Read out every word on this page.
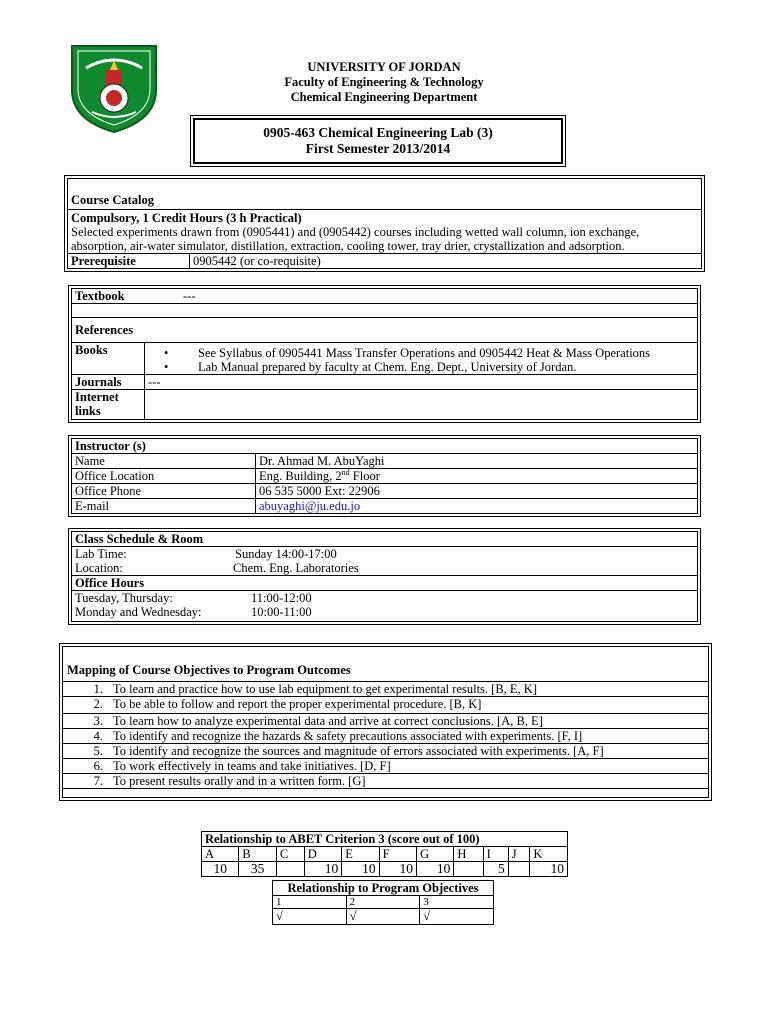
UNIVERSITY OF JORDAN
Faculty of Engineering & Technology
Chemical Engineering Department
0905-463 Chemical Engineering Lab (3)
First Semester 2013/2014
Course Catalog

Compulsory, 1 Credit Hours (3 h Practical)
Selected experiments drawn from (0905441) and (0905442) courses including wetted wall column, ion exchange, absorption, air-water simulator, distillation, extraction, cooling tower, tray drier, crystallization and adsorption.

Prerequisite	0905442 (or co-requisite)
Textbook ---	

References	
Books	• See Syllabus of 0905441 Mass Transfer Operations and 0905442 Heat & Mass Operations
• Lab Manual prepared by faculty at Chem. Eng. Dept., University of Jordan.

Journals	---

Internet
links	

Instructor (s)	
Name	Dr. Ahmad M. AbuYaghi
Office Location	Eng. Building, 2nd Floor
Office Phone	06 535 5000 Ext: 22906
E-mail	abuyaghi@ju.edu.jo
Class Schedule & Room

Lab Time:	Sunday 14:00-17:00
Location:	Chem. Eng. Laboratories

Office Hours

Tuesday, Thursday:	11:00-12:00
Monday and Wednesday:	10:00-11:00
Mapping of Course Objectives to Program Outcomes
1. To learn and practice how to use lab equipment to get experimental results. [B, E, K]

2. To be able to follow and report the proper experimental procedure. [B, K]

3. To learn how to analyze experimental data and arrive at correct conclusions. [A, B, E]

4. To identify and recognize the hazards & safety precautions associated with experiments. [F, I]

5. To identify and recognize the sources and magnitude of errors associated with experiments. [A, F]

6. To work effectively in teams and take initiatives. [D, F]

7. To present results orally and in a written form. [G]
Relationship to ABET Criterion 3 (score out of 100)										
A	B	C	D	E	F	G	H	I	J	K
10	35		10	10	10	10		5		10
Relationship to Program Objectives		
1	2	3
√	√	√
